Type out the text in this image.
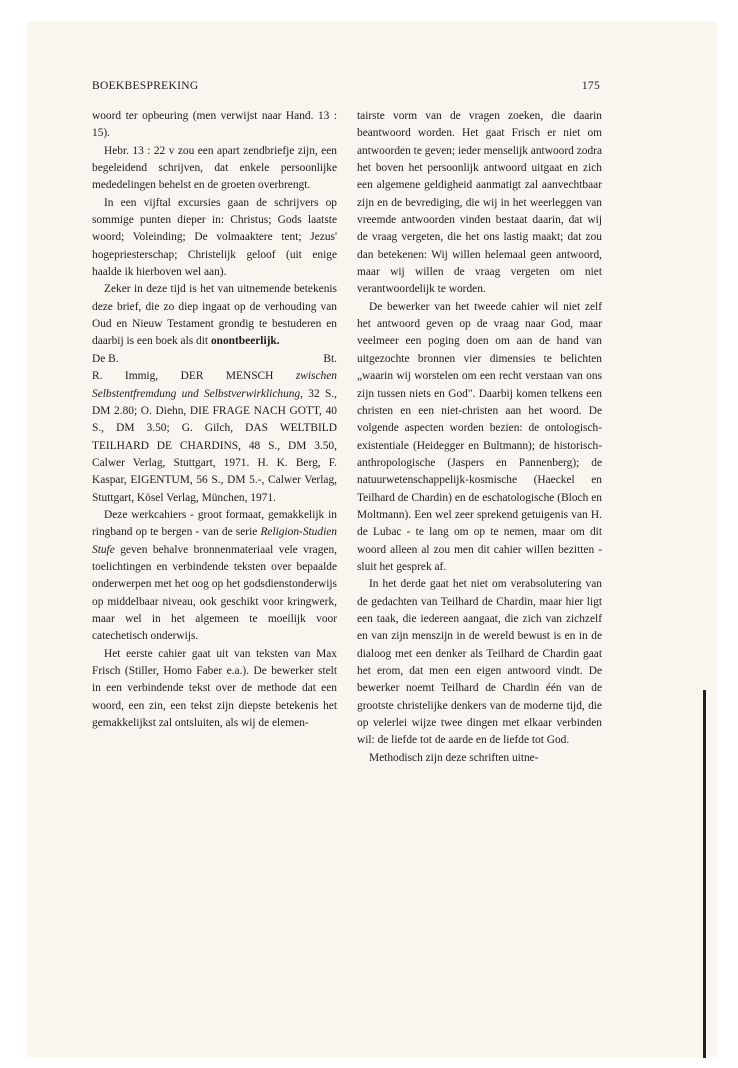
BOEKBESPREKING	175

woord ter opbeuring (men verwijst naar Hand. 13 : 15).

Hebr. 13 : 22 v zou een apart zendbriefje zijn, een begeleidend schrijven, dat enkele persoonlijke mededelingen behelst en de groeten overbrengt.

In een vijftal excursies gaan de schrijvers op sommige punten dieper in: Christus; Gods laatste woord; Voleinding; De volmaaktere tent; Jezus' hogepriesterschap; Christelijk geloof (uit enige haalde ik hierboven wel aan).

Zeker in deze tijd is het van uitnemende betekenis deze brief, die zo diep ingaat op de verhouding van Oud en Nieuw Testament grondig te bestuderen en daarbij is een boek als dit onontbeerlijk.

De B.	Bt.

R. Immig, DER MENSCH zwischen Selbstentfremdung und Selbstverwirklichung, 32 S., DM 2.80; O. Diehn, DIE FRAGE NACH GOTT, 40 S., DM 3.50; G. Gilch, DAS WELTBILD TEILHARD DE CHARDINS, 48 S., DM 3.50, Calwer Verlag, Stuttgart, 1971. H. K. Berg, F. Kaspar, EIGENTUM, 56 S., DM 5.-, Calwer Verlag, Stuttgart, Kösel Verlag, München, 1971.

Deze werkcahiers - groot formaat, gemakkelijk in ringband op te bergen - van de serie Religion-Studien Stufe geven behalve bronnenmateriaal vele vragen, toelichtingen en verbindende teksten over bepaalde onderwerpen met het oog op het godsdienstonderwijs op middelbaar niveau, ook geschikt voor kringwerk, maar wel in het algemeen te moeilijk voor catechetisch onderwijs.

Het eerste cahier gaat uit van teksten van Max Frisch (Stiller, Homo Faber e.a.). De bewerker stelt in een verbindende tekst over de methode dat een woord, een zin, een tekst zijn diepste betekenis het gemakkelijkst zal ontsluiten, als wij de elemen-

tairste vorm van de vragen zoeken, die daarin beantwoord worden. Het gaat Frisch er niet om antwoorden te geven; ieder menselijk antwoord zodra het boven het persoonlijk antwoord uitgaat en zich een algemene geldigheid aanmatigt zal aanvechtbaar zijn en de bevrediging, die wij in het weerleggen van vreemde antwoorden vinden bestaat daarin, dat wij de vraag vergeten, die het ons lastig maakt; dat zou dan betekenen: Wij willen helemaal geen antwoord, maar wij willen de vraag vergeten om niet verantwoordelijk te worden.

De bewerker van het tweede cahier wil niet zelf het antwoord geven op de vraag naar God, maar veelmeer een poging doen om aan de hand van uitgezochte bronnen vier dimensies te belichten „waarin wij worstelen om een recht verstaan van ons zijn tussen niets en God". Daarbij komen telkens een christen en een niet-christen aan het woord. De volgende aspecten worden bezien: de ontologisch-existentiale (Heidegger en Bultmann); de historisch-anthropologische (Jaspers en Pannenberg); de natuurwetenschappelijk-kosmische (Haeckel en Teilhard de Chardin) en de eschatologische (Bloch en Moltmann). Een wel zeer sprekend getuigenis van H. de Lubac - te lang om op te nemen, maar om dit woord alleen al zou men dit cahier willen bezitten - sluit het gesprek af.

In het derde gaat het niet om verabsolutering van de gedachten van Teilhard de Chardin, maar hier ligt een taak, die iedereen aangaat, die zich van zichzelf en van zijn menszijn in de wereld bewust is en in de dialoog met een denker als Teilhard de Chardin gaat het erom, dat men een eigen antwoord vindt. De bewerker noemt Teilhard de Chardin één van de grootste christelijke denkers van de moderne tijd, die op velerlei wijze twee dingen met elkaar verbinden wil: de liefde tot de aarde en de liefde tot God.

Methodisch zijn deze schriften uitne-
